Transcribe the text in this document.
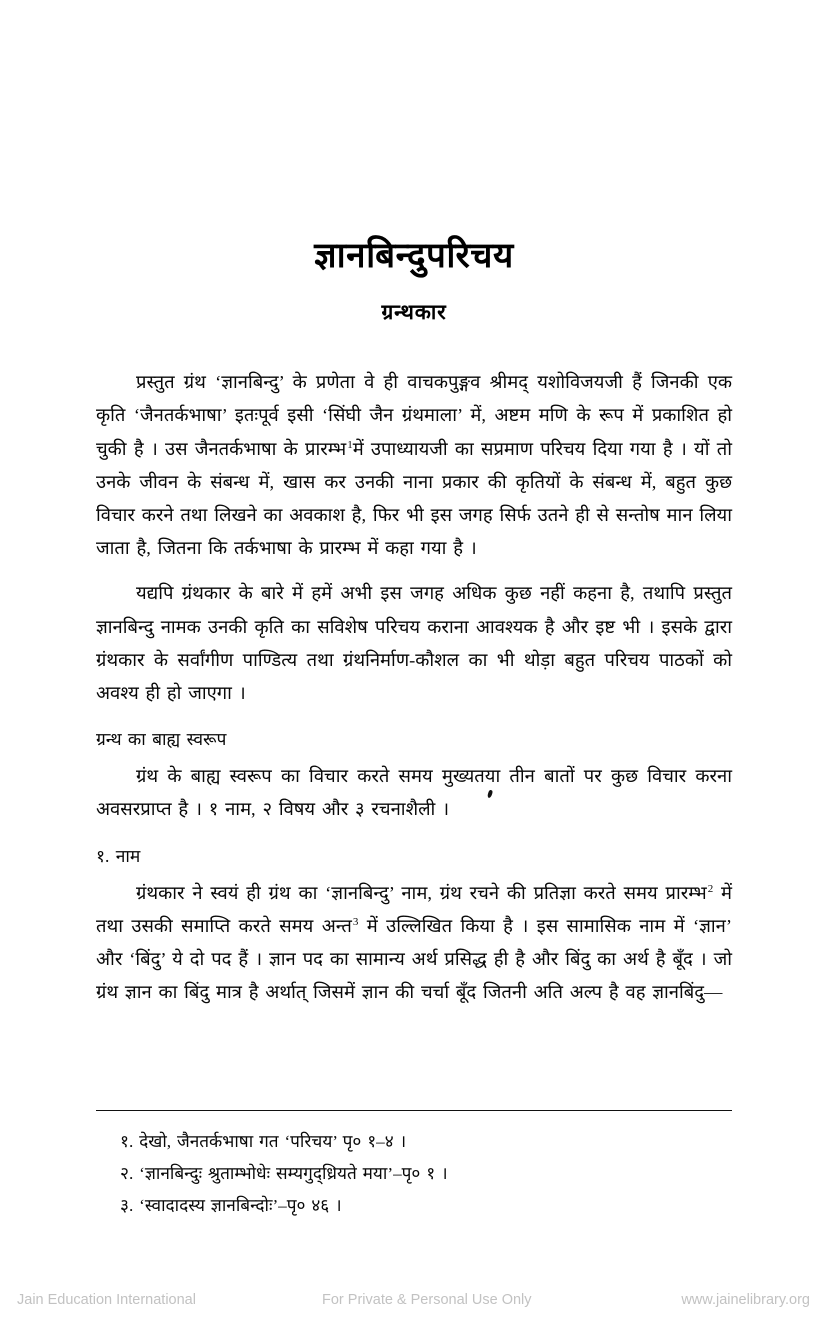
ज्ञानबिन्दुपरिचय
ग्रन्थकार

प्रस्तुत ग्रंथ ‘ज्ञानबिन्दु’ के प्रणेता वे ही वाचकपुङ्गव श्रीमद् यशोविजयजी हैं जिनकी एक कृति ‘जैनतर्कभाषा’ इतःपूर्व इसी ‘सिंघी जैन ग्रंथमाला’ में, अष्टम मणि के रूप में प्रकाशित हो चुकी है । उस जैनतर्कभाषा के प्रारम्भ$^1$में उपाध्यायजी का सप्रमाण परिचय दिया गया है । यों तो उनके जीवन के संबन्ध में, खास कर उनकी नाना प्रकार की कृतियों के संबन्ध में, बहुत कुछ विचार करने तथा लिखने का अवकाश है, फिर भी इस जगह सिर्फ उतने ही से सन्तोष मान लिया जाता है, जितना कि तर्कभाषा के प्रारम्भ में कहा गया है ।

यद्यपि ग्रंथकार के बारे में हमें अभी इस जगह अधिक कुछ नहीं कहना है, तथापि प्रस्तुत ज्ञानबिन्दु नामक उनकी कृति का सविशेष परिचय कराना आवश्यक है और इष्ट भी । इसके द्वारा ग्रंथकार के सर्वांगीण पाण्डित्य तथा ग्रंथनिर्माण-कौशल का भी थोड़ा बहुत परिचय पाठकों को अवश्य ही हो जाएगा ।

ग्रन्थ का बाह्य स्वरूप

ग्रंथ के बाह्य स्वरूप का विचार करते समय मुख्यतया तीन बातों पर कुछ विचार करना अवसरप्राप्त है । १ नाम, २ विषय और ३ रचनाशैली ।

१. नाम

ग्रंथकार ने स्वयं ही ग्रंथ का ‘ज्ञानबिन्दु’ नाम, ग्रंथ रचने की प्रतिज्ञा करते समय प्रारम्भ$^2$ में तथा उसकी समाप्ति करते समय अन्त$^3$ में उल्लिखित किया है । इस सामासिक नाम में ‘ज्ञान’ और ‘बिंदु’ ये दो पद हैं । ज्ञान पद का सामान्य अर्थ प्रसिद्ध ही है और बिंदु का अर्थ है बूँद । जो ग्रंथ ज्ञान का बिंदु मात्र है अर्थात् जिसमें ज्ञान की चर्चा बूँद जितनी अति अल्प है वह ज्ञानबिंदु—

१. देखो, जैनतर्कभाषा गत ‘परिचय’ पृ० १–४ ।
२. ‘ज्ञानबिन्दुः श्रुताम्भोधेः सम्यगुद्ध्रियते मया’–पृ० १ ।
३. ‘स्वादादस्य ज्ञानबिन्दोः’–पृ० ४६ ।
Jain Education International	For Private & Personal Use Only	www.jainelibrary.org
